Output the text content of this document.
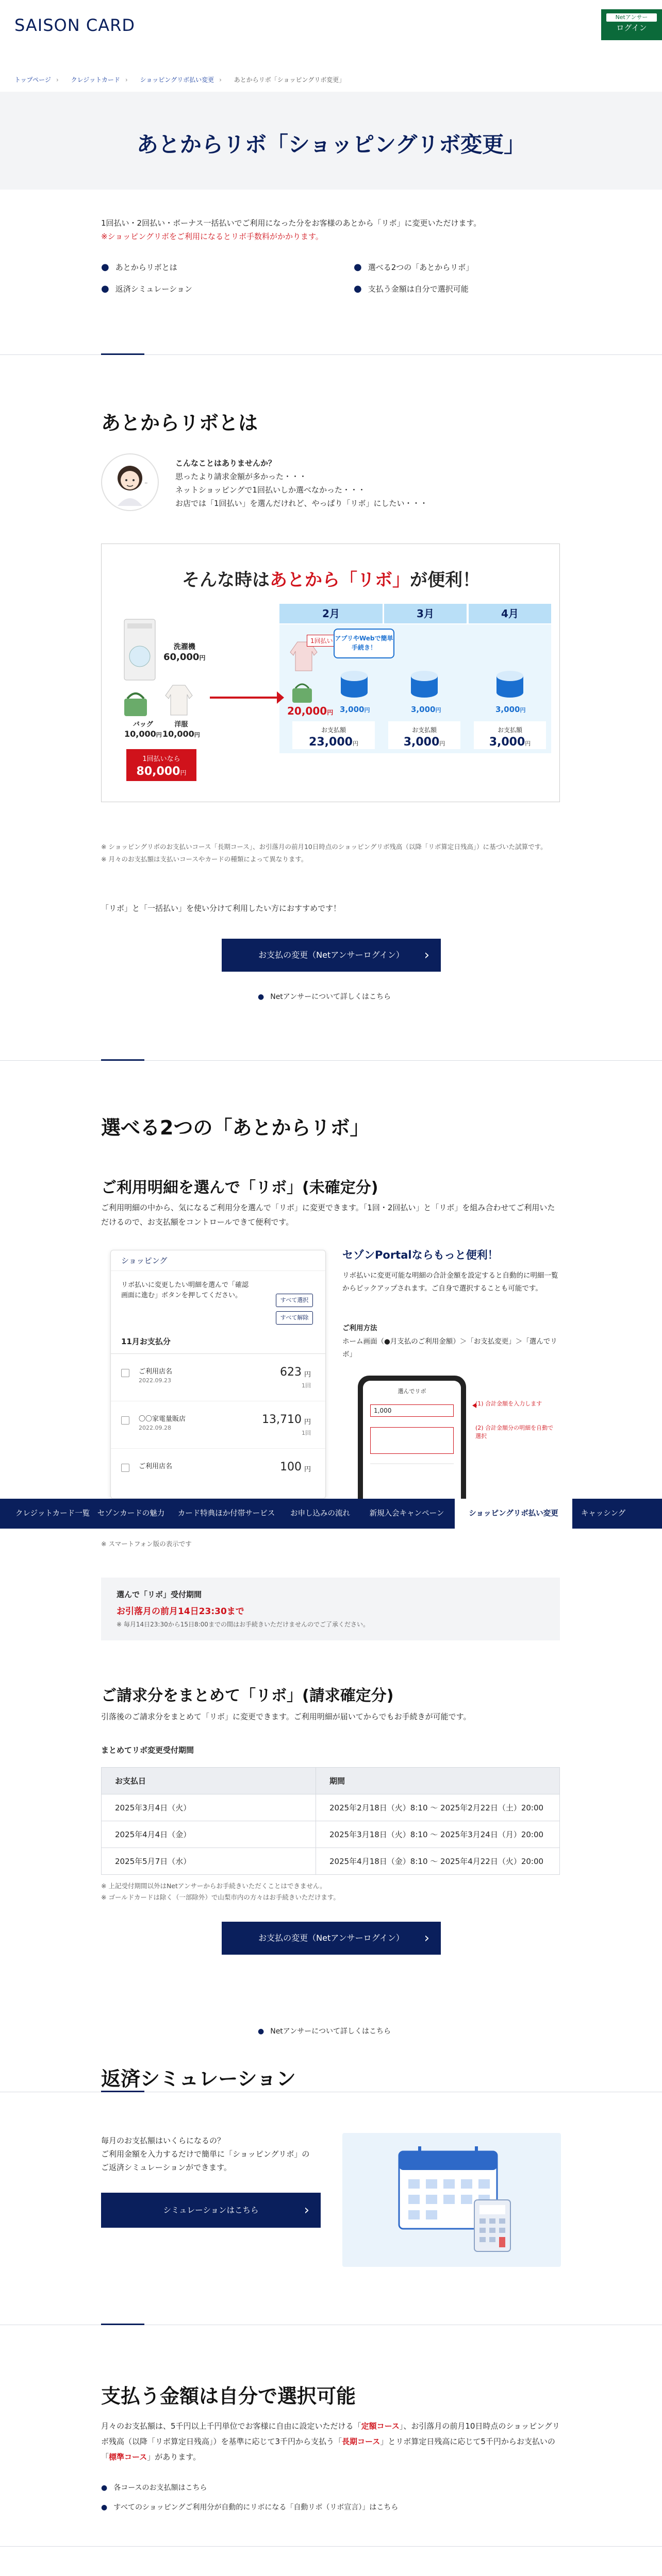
SAISON CARD	Netアンサー
ログイン
トップページ › クレジットカード › ショッピングリボ払い変更 › あとからリボ「ショッピングリボ変更」
あとからリボ「ショッピングリボ変更」
1回払い・2回払い・ボーナス一括払いでご利用になった分をお客様のあとから「リボ」に変更いただけます。
※ショッピングリボをご利用になるとリボ手数料がかかります。
● あとからリボとは	● 選べる2つの「あとからリボ」
● 返済シミュレーション	● 支払う金額は自分で選択可能
あとからリボとは
~
こんなことはありませんか？
思ったより請求金額が多かった・・・
ネットショッピングで1回払いしか選べなかった・・・
お店では「1回払い」を選んだけれど、やっぱり「リボ」にしたい・・・
そんな時はあとから「リボ」が便利！
2月	3月	4月
洗濯機
60,000円
バッグ
10,000円
洋服
10,000円
1回払いなら
80,000円
1回払い
20,000円
アプリやWebで簡単手続き！
3,000円	3,000円	3,000円
お支払額
23,000円
お支払額
3,000円
お支払額
3,000円
※ ショッピングリボのお支払いコース「長期コース」、お引落月の前月10日時点のショッピングリボ残高（以降「リボ算定日残高」）に基づいた試算です。
※ 月々のお支払額は支払いコースやカードの種類によって異なります。
「リボ」と「一括払い」を使い分けて利用したい方におすすめです！
お支払の変更（Netアンサーログイン） ›
● Netアンサーについて詳しくはこちら
選べる2つの「あとからリボ」
ご利用明細を選んで「リボ」(未確定分)
ご利用明細の中から、気になるご利用分を選んで「リボ」に変更できます。「1回・2回払い」と「リボ」を組み合わせてご利用いただけるので、お支払額をコントロールできて便利です。
ショッピング
リボ払いに変更したい明細を選んで「確認画面に進む」ボタンを押してください。
すべて選択
すべて解除
11月お支払分
ご利用店名
2022.09.23
623 円
1回
〇〇家電量販店
2022.09.28
13,710 円
1回
ご利用店名	100 円
セゾンPortalならもっと便利！
リボ払いに変更可能な明細の合計金額を設定すると自動的に明細一覧からピックアップされます。ご自身で選択することも可能です。
ご利用方法
ホーム画面（●月支払のご利用金額）＞「お支払変更」＞「選んでリボ」
選んでリボ
1,000
(1) 合計金額を入力します
(2) 合計金額分の明細を自動で選択
クレジットカード一覧	セゾンカードの魅力	カード特典ほか付帯サービス	お申し込みの流れ	新規入会キャンペーン	ショッピングリボ払い変更	キャッシング
※ スマートフォン版の表示です
選んで「リボ」受付期間
お引落月の前月14日23:30まで
※ 毎月14日23:30から15日8:00までの間はお手続きいただけませんのでご了承ください。
ご請求分をまとめて「リボ」(請求確定分)
引落後のご請求分をまとめて「リボ」に変更できます。ご利用明細が届いてからでもお手続きが可能です。
まとめてリボ変更受付期間
お支払日	期間
2025年3月4日（火）	2025年2月18日（火）8:10 ～ 2025年2月22日（土）20:00
2025年4月4日（金）	2025年3月18日（火）8:10 ～ 2025年3月24日（月）20:00
2025年5月7日（水）	2025年4月18日（金）8:10 ～ 2025年4月22日（火）20:00
※ 上記受付期間以外はNetアンサーからお手続きいただくことはできません。
※ ゴールドカードは除く（一部除外）で山梨市内の方々はお手続きいただけます。
お支払の変更（Netアンサーログイン） ›
● Netアンサーについて詳しくはこちら
返済シミュレーション
毎月のお支払額はいくらになるの？
ご利用金額を入力するだけで簡単に「ショッピングリボ」の
ご返済シミュレーションができます。
シミュレーションはこちら ›
支払う金額は自分で選択可能
月々のお支払額は、5千円以上千円単位でお客様に自由に設定いただける「定額コース」、お引落月の前月10日時点のショッピングリボ残高（以降「リボ算定日残高」）を基準に応じて3千円から支払う「長期コース」とリボ算定日残高に応じて5千円からお支払いの「標準コース」があります。
● 各コースのお支払額はこちら
● すべてのショッピングご利用分が自動的にリボになる「自動リボ（リボ宣言）」はこちら
